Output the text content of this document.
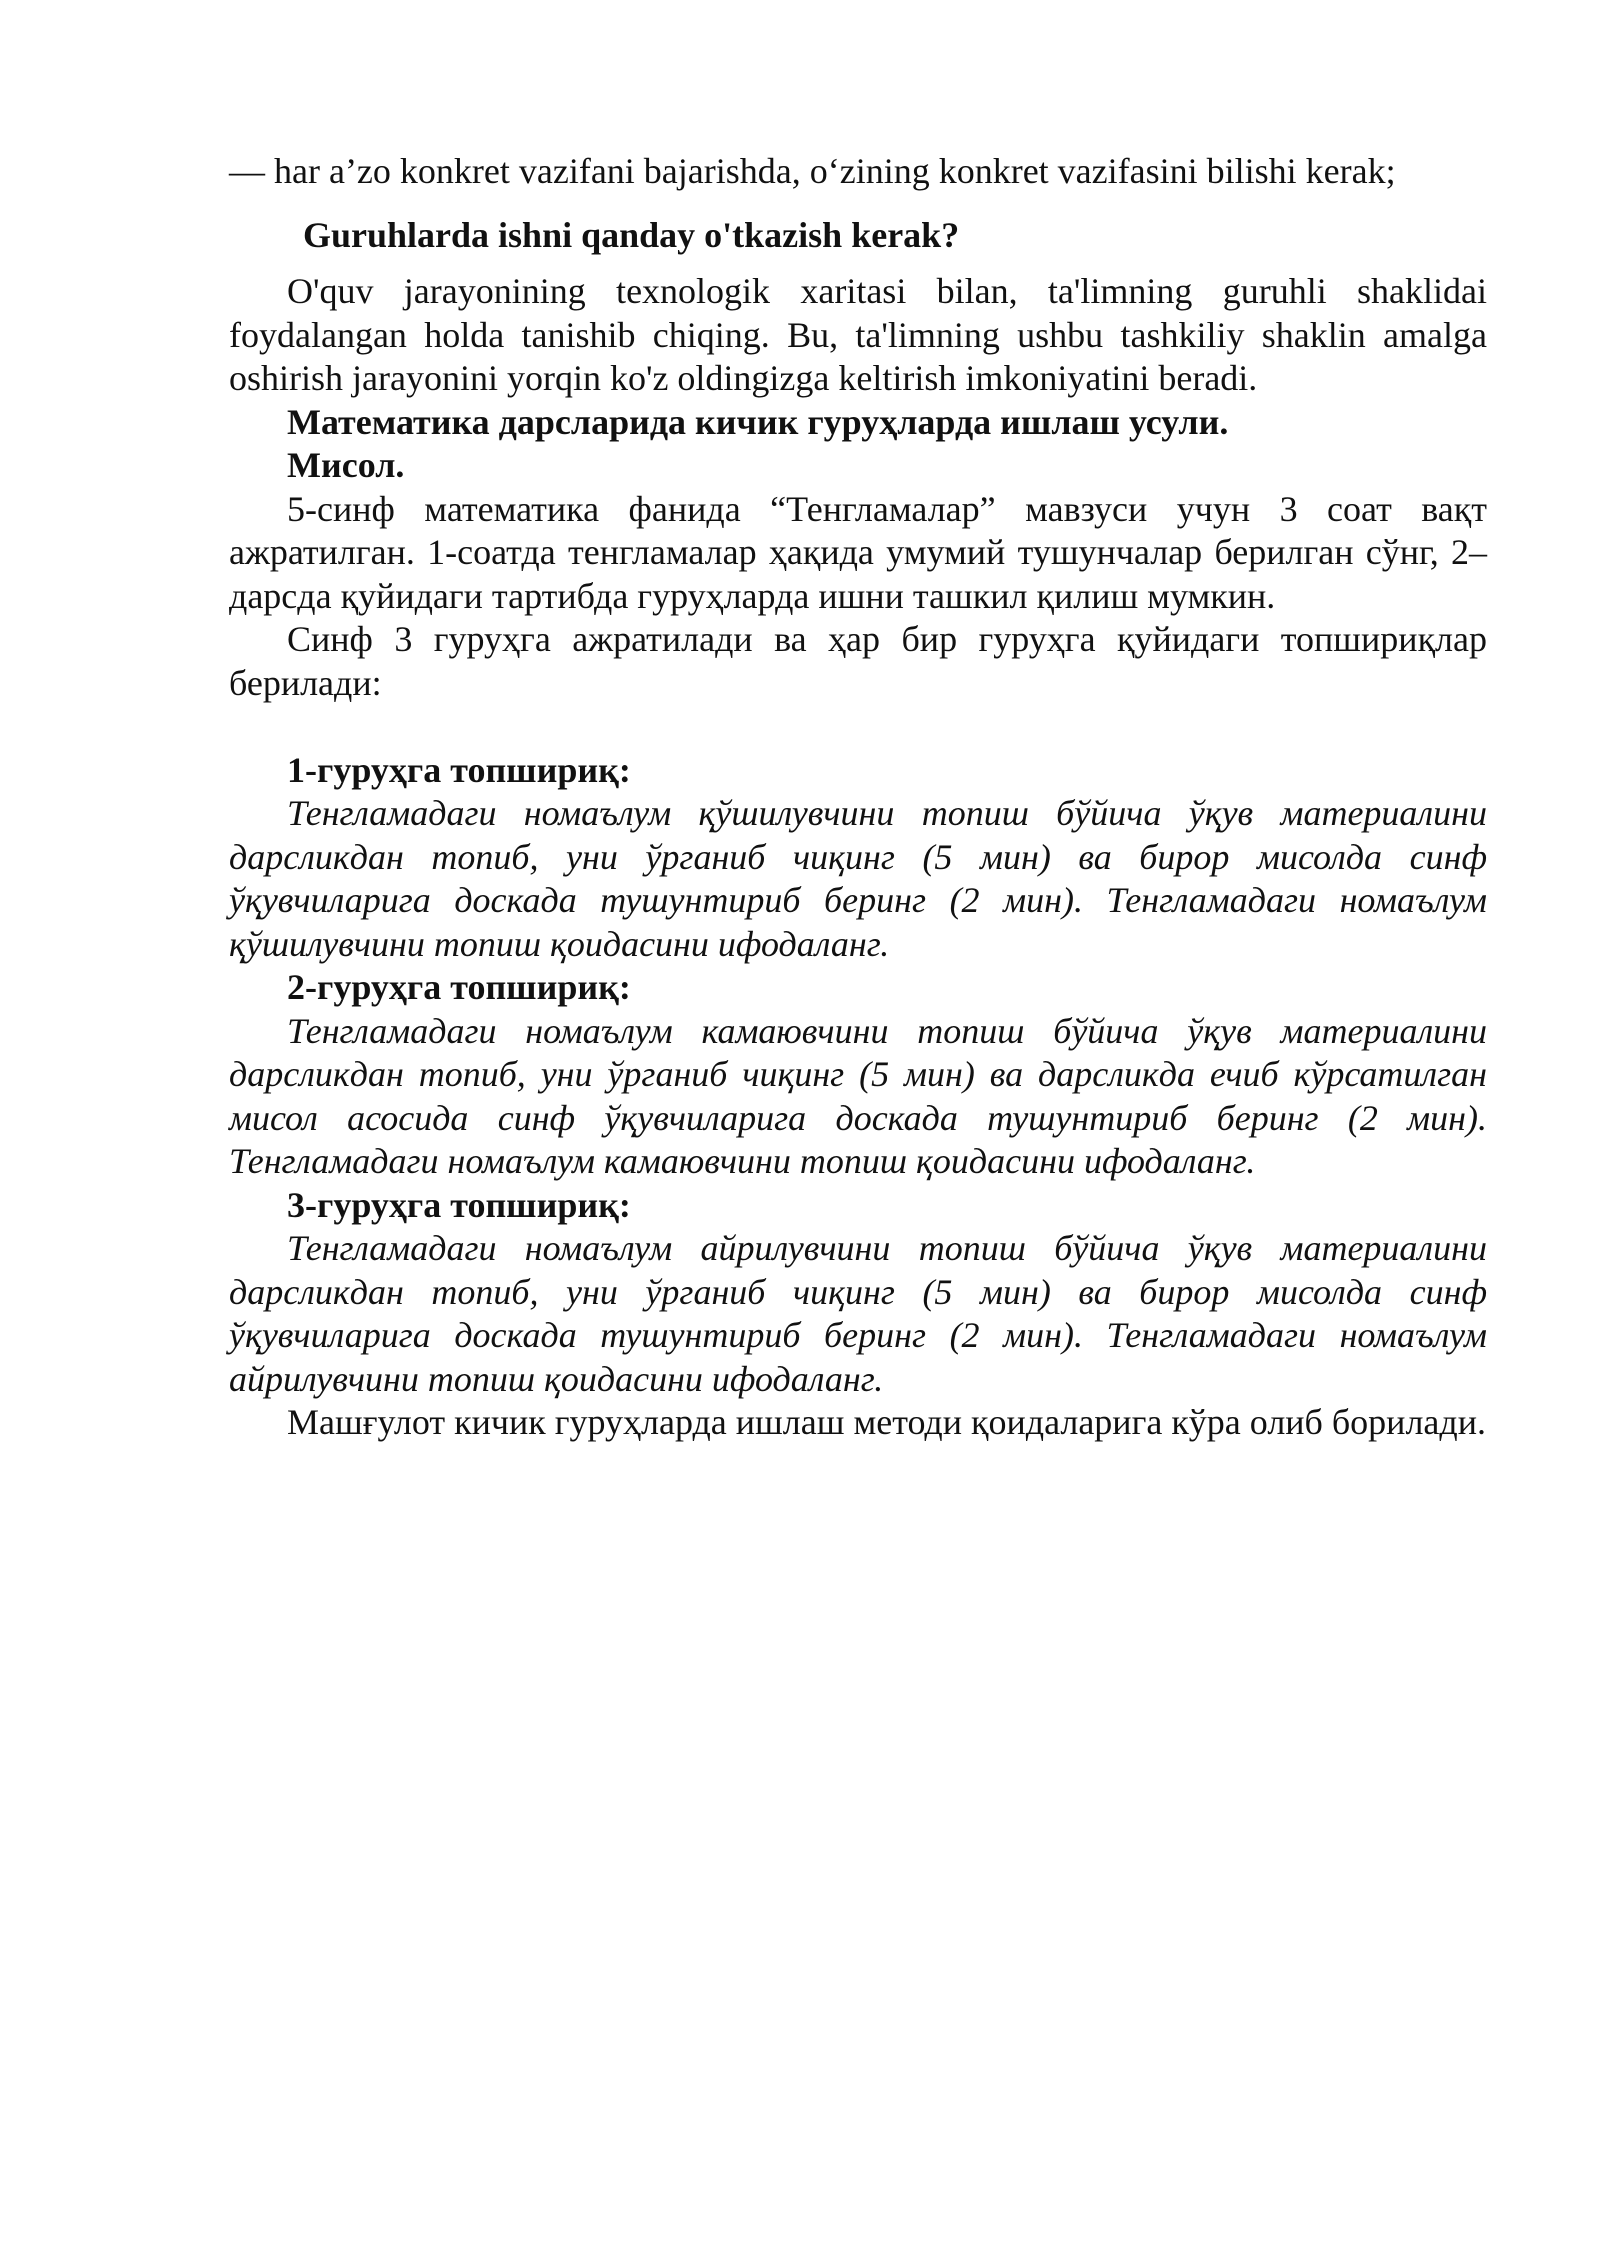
— har a’zo konkret vazifani bajarishda, oʻzining konkret vazifasini bilishi kerak;

Guruhlarda ishni qanday o'tkazish kerak?

O'quv jarayonining texnologik xaritasi bilan, ta'limning guruhli shaklidai foydalangan holda tanishib chiqing. Bu, ta'limning ushbu tashkiliy shaklin amalga oshirish jarayonini yorqin ko'z oldingizga keltirish imkoniyatini beradi.

Математика дарсларида кичик гуруҳларда ишлаш усули.

Мисол.

5-синф математика фанида “Тенгламалар” мавзуси учун 3 соат вақт ажратилган. 1-соатда тенгламалар ҳақида умумий тушунчалар берилган сўнг, 2– дарсда қуйидаги тартибда гуруҳларда ишни ташкил қилиш мумкин.

Синф 3 гуруҳга ажратилади ва ҳар бир гуруҳга қуйидаги топшириқлар берилади:

1-гуруҳга топшириқ:

Тенгламадаги номаълум қўшилувчини топиш бўйича ўқув материалини дарсликдан топиб, уни ўрганиб чиқинг (5 мин) ва бирор мисолда синф ўқувчиларига доскада тушунтириб беринг (2 мин). Тенгламадаги номаълум қўшилувчини топиш қоидасини ифодаланг.

2-гуруҳга топшириқ:

Тенгламадаги номаълум камаювчини топиш бўйича ўқув материалини дарсликдан топиб, уни ўрганиб чиқинг (5 мин) ва дарсликда ечиб кўрсатилган мисол асосида синф ўқувчиларига доскада тушунтириб беринг (2 мин). Тенгламадаги номаълум камаювчини топиш қоидасини ифодаланг.

3-гуруҳга топшириқ:

Тенгламадаги номаълум айрилувчини топиш бўйича ўқув материалини дарсликдан топиб, уни ўрганиб чиқинг (5 мин) ва бирор мисолда синф ўқувчиларига доскада тушунтириб беринг (2 мин). Тенгламадаги номаълум айрилувчини топиш қоидасини ифодаланг.

Машғулот кичик гуруҳларда ишлаш методи қоидаларига кўра олиб борилади.
